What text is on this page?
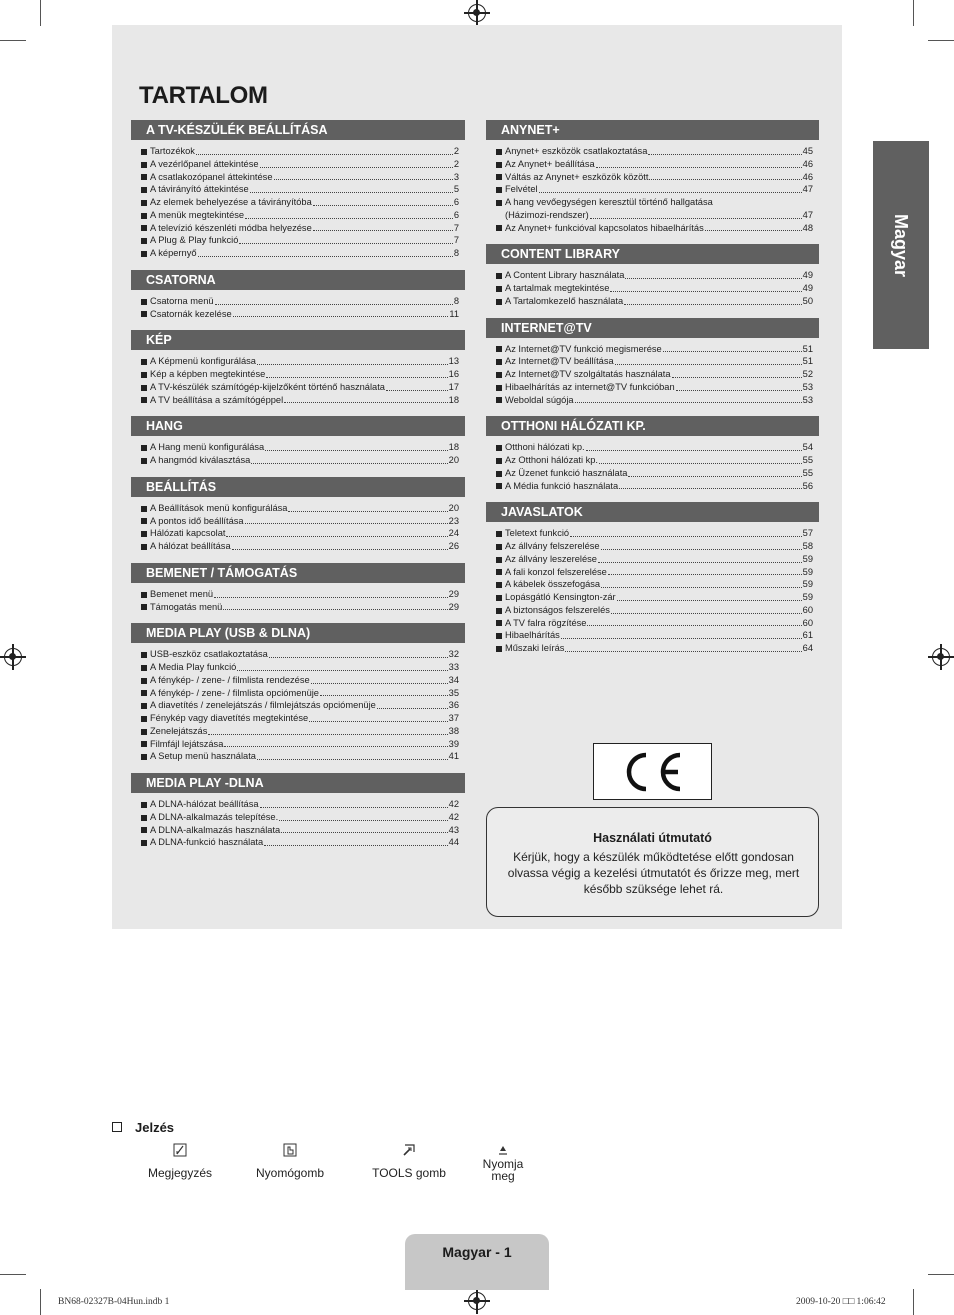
TARTALOM
Magyar
A TV-KÉSZÜLÉK BEÁLLÍTÁSA
Tartozékok	2
A vezérlőpanel áttekintése	2
A csatlakozópanel áttekintése	3
A távirányító áttekintése	5
Az elemek behelyezése a távirányítóba	6
A menük megtekintése	6
A televízió készenléti módba helyezése	7
A Plug & Play funkció	7
A képernyő	8
CSATORNA
Csatorna menü	8
Csatornák kezelése	11
KÉP
A Képmenü konfigurálása	13
Kép a képben megtekintése	16
A TV-készülék számítógép-kijelzőként történő használata	17
A TV beállítása a számítógéppel	18
HANG
A Hang menü konfigurálása	18
A hangmód kiválasztása	20
BEÁLLÍTÁS
A Beállítások menü konfigurálása	20
A pontos idő beállítása	23
Hálózati kapcsolat	24
A hálózat beállítása	26
BEMENET / TÁMOGATÁS
Bemenet menü	29
Támogatás menü	29
MEDIA PLAY (USB & DLNA)
USB-eszköz csatlakoztatása	32
A Media Play funkció	33
A fénykép- / zene- / filmlista rendezése	34
A fénykép- / zene- / filmlista opciómenüje	35
A diavetítés / zenelejátszás / filmlejátszás opciómenüje	36
Fénykép vagy diavetítés megtekintése	37
Zenelejátszás	38
Filmfájl lejátszása	39
A Setup menü használata	41
MEDIA PLAY -DLNA
A DLNA-hálózat beállítása	42
A DLNA-alkalmazás telepítése.	42
A DLNA-alkalmazás használata	43
A DLNA-funkció használata	44
ANYNET+
Anynet+ eszközök csatlakoztatása	45
Az Anynet+ beállítása	46
Váltás az Anynet+ eszközök között	46
Felvétel	47
A hang vevőegységen keresztül történő hallgatása
(Házimozi-rendszer)	47
Az Anynet+ funkcióval kapcsolatos hibaelhárítás	48
CONTENT LIBRARY
A Content Library használata	49
A tartalmak megtekintése	49
A Tartalomkezelő használata	50
INTERNET@TV
Az Internet@TV funkció megismerése	51
Az Internet@TV beállítása	51
Az Internet@TV szolgáltatás használata	52
Hibaelhárítás az internet@TV funkcióban	53
Weboldal súgója	53
OTTHONI HÁLÓZATI KP.
Otthoni hálózati kp.	54
Az Otthoni hálózati kp.	55
Az Üzenet funkció használata	55
A Média funkció használata	56
JAVASLATOK
Teletext funkció	57
Az állvány felszerelése	58
Az állvány leszerelése	59
A fali konzol felszerelése	59
A kábelek összefogása	59
Lopásgátló Kensington-zár	59
A biztonságos felszerelés	60
A TV falra rögzítése	60
Hibaelhárítás	61
Műszaki leírás	64
Használati útmutató
Kérjük, hogy a készülék működtetése előtt gondosan olvassa végig a kezelési útmutatót és őrizze meg, mert később szüksége lehet rá.
Jelzés
Megjegyzés	Nyomógomb	TOOLS gomb
Nyomja meg
Magyar - 1
BN68-02327B-04Hun.indb 1	2009-10-20 □□ 1:06:42
